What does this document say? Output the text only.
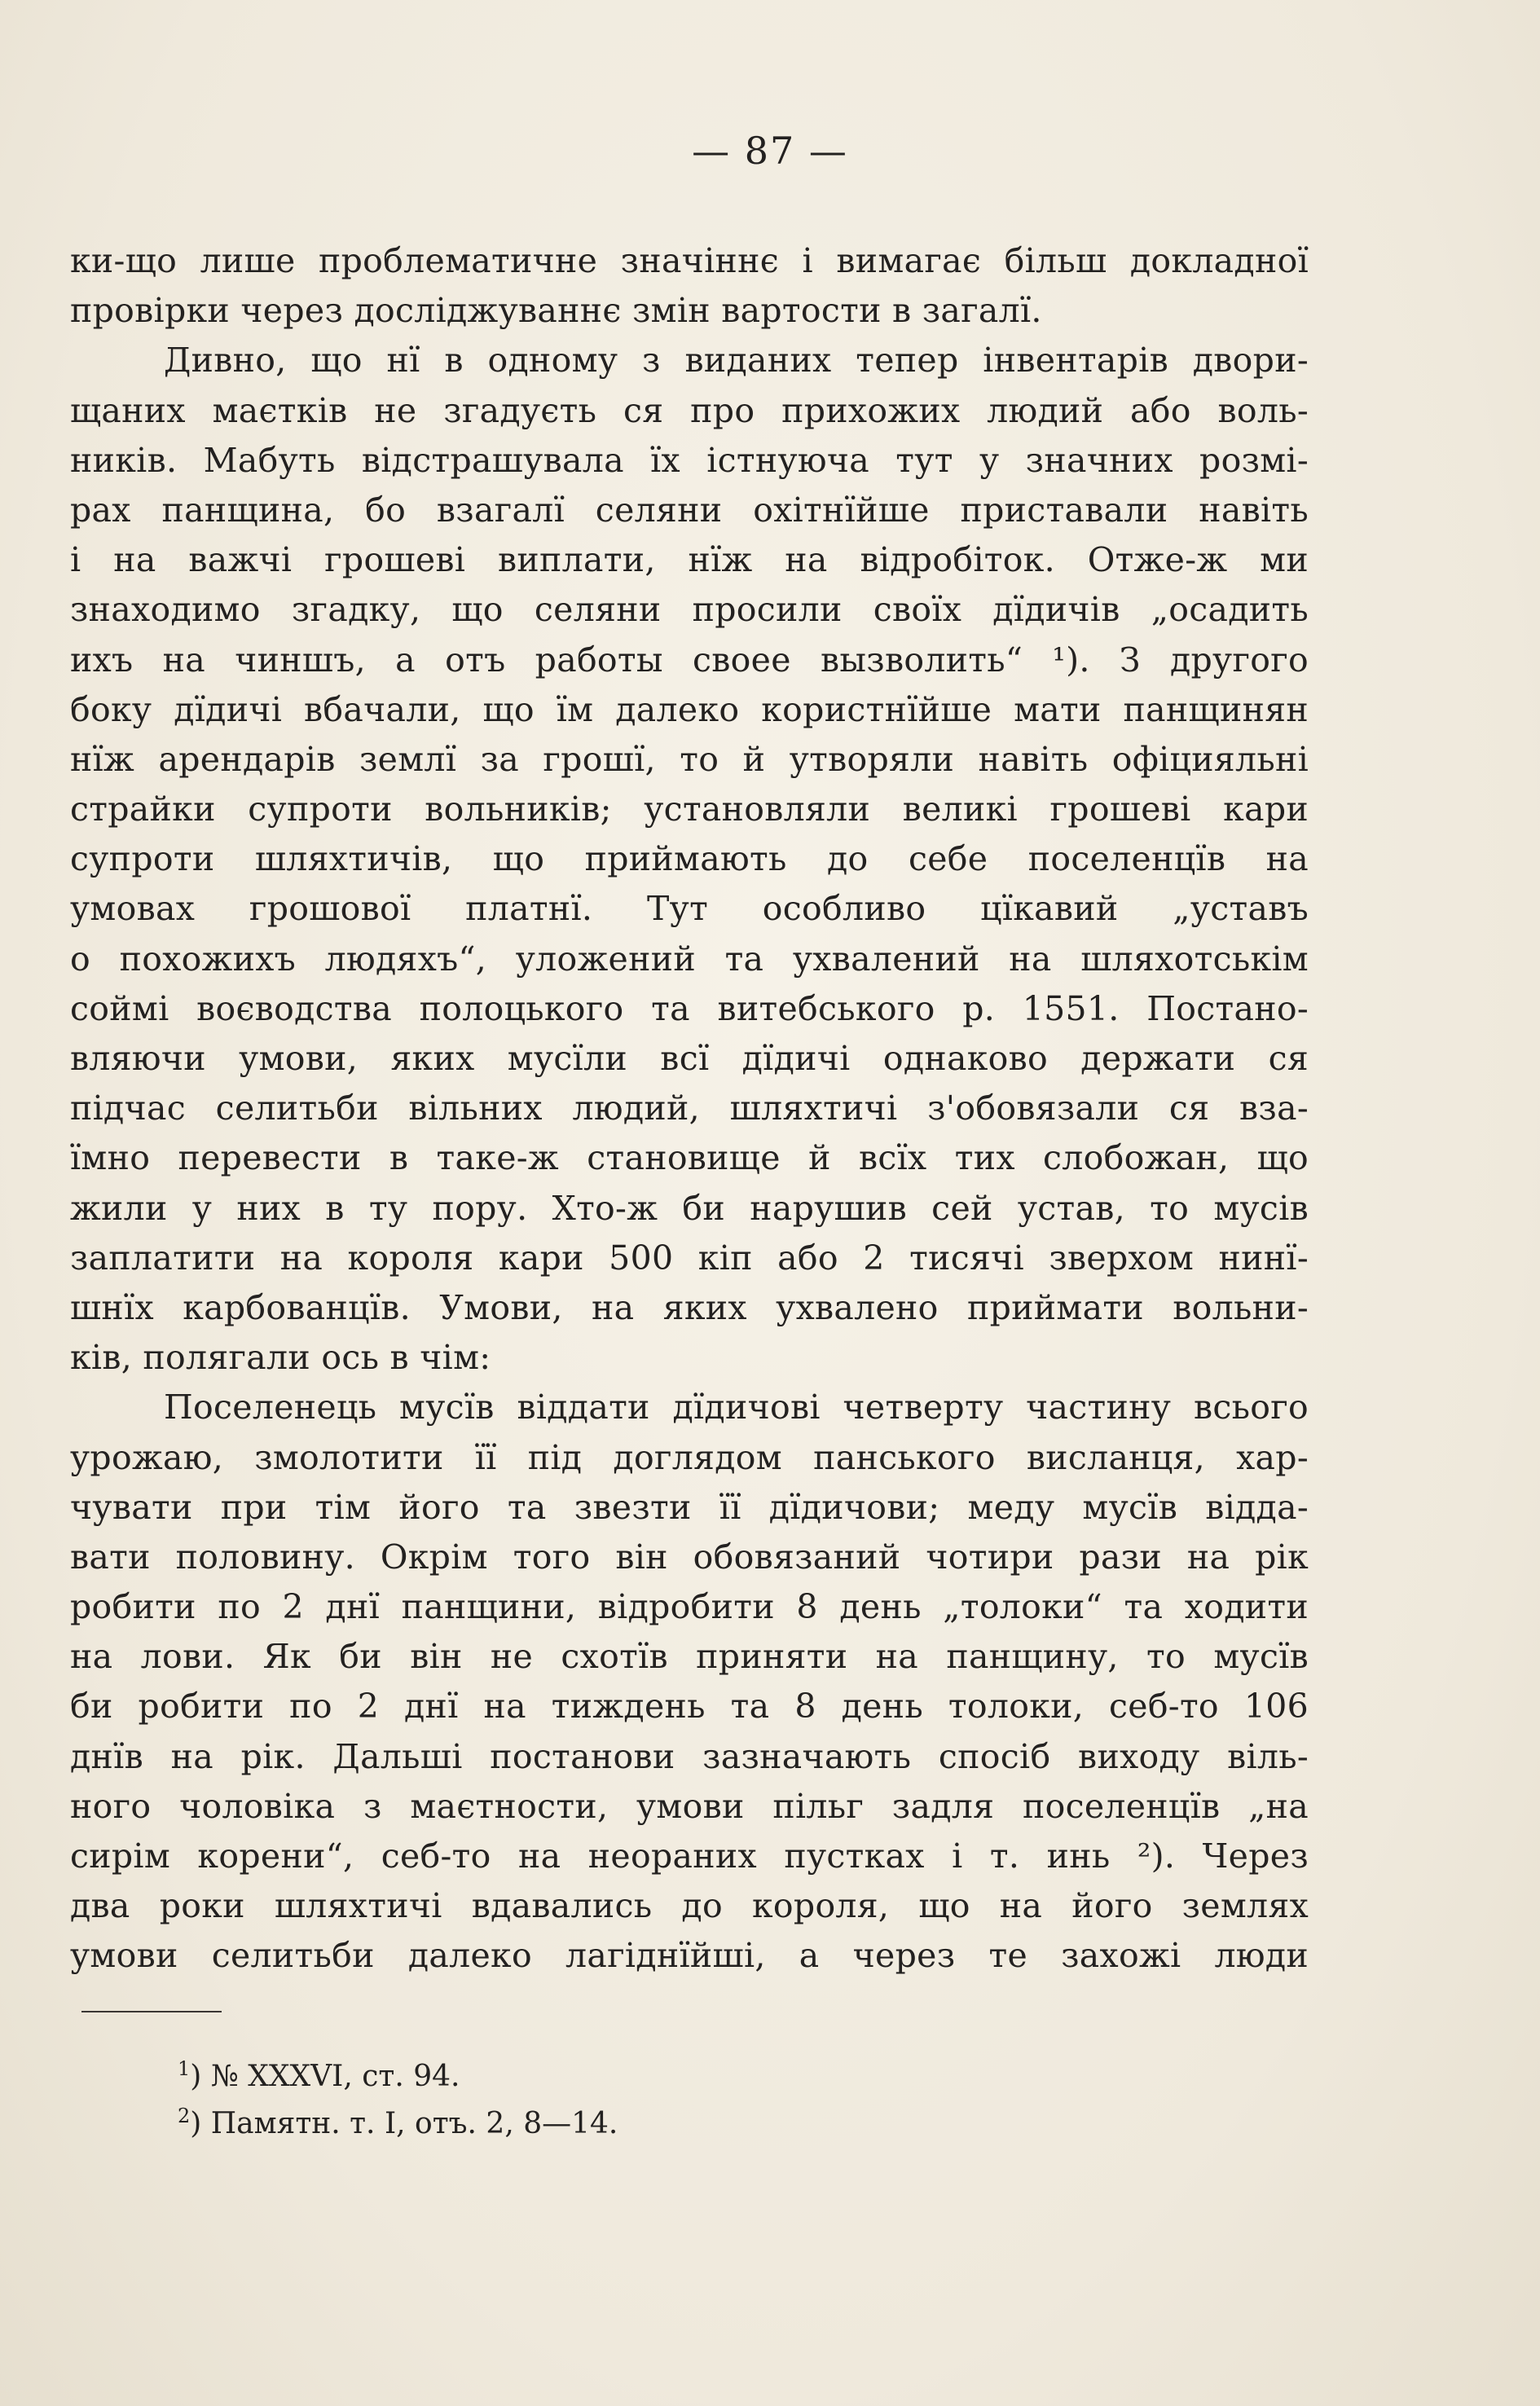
— 87 —
ки-що лише проблематичне значіннє і вимагає більш докладної
провірки через досліджуваннє змін вартости в загалї.
Дивно, що нї в одному з виданих тепер інвентарів двори-
щаних маєтків не згадуєть ся про прихожих людий або воль-
ників. Мабуть відстрашувала їх істнуюча тут у значних розмі-
рах панщина, бо взагалї селяни охітнїйше приставали навіть
і на важчі грошеві виплати, нїж на відробіток. Отже-ж ми
знаходимо згадку, що селяни просили своїх дїдичів „осадить
ихъ на чиншъ, а отъ работы своее вызволить“ ¹). З другого
боку дїдичі вбачали, що їм далеко користнїйше мати панщинян
нїж арендарів землї за грошї, то й утворяли навіть офіцияльні
страйки супроти вольників; установляли великі грошеві кари
супроти шляхтичів, що приймають до себе поселенцїв на
умовах грошової платнї. Тут особливо цїкавий „уставъ
о похожихъ людяхъ“, уложений та ухвалений на шляхотськім
соймі воєводства полоцького та витебського р. 1551. Постано-
вляючи умови, яких мусїли всї дїдичі однаково держати ся
підчас селитьби вільних людий, шляхтичі з'обовязали ся вза-
ïмно перевести в таке-ж становище й всїх тих слобожан, що
жили у них в ту пору. Хто-ж би нарушив сей устав, то мусів
заплатити на короля кари 500 кіп або 2 тисячі зверхом нинї-
шнїх карбованцїв. Умови, на яких ухвалено приймати вольни-
ків, полягали ось в чім:
Поселенець мусїв віддати дїдичові четверту частину всього
урожаю, змолотити її під доглядом панського висланця, хар-
чувати при тім його та звезти її дїдичови; меду мусїв відда-
вати половину. Окрім того він обовязаний чотири рази на рік
робити по 2 днї панщини, відробити 8 день „толоки“ та ходити
на лови. Як би він не схотїв приняти на панщину, то мусїв
би робити по 2 днї на тиждень та 8 день толоки, себ-то 106
днїв на рік. Дальші постанови зазначають спосіб виходу віль-
ного чоловіка з маєтности, умови пільг задля поселенцїв „на
сирім корени“, себ-то на неораних пустках і т. инь ²). Через
два роки шляхтичі вдавались до короля, що на його землях
умови селитьби далеко лагіднїйші, а через те захожі люди
$^1$) № XXXVI, ст. 94.
$^2$) Памятн. т. I, отъ. 2, 8—14.
